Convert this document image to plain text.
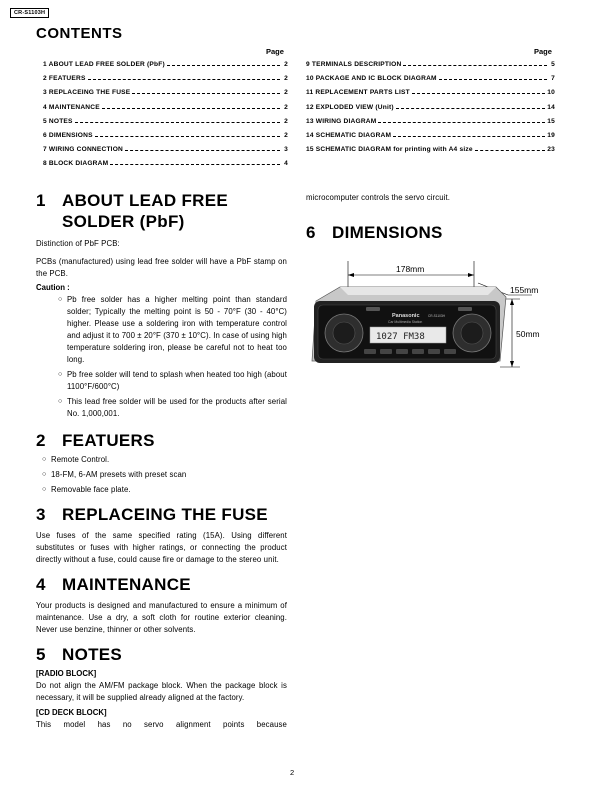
CR-S1103H
CONTENTS
Page	Page
1 ABOUT LEAD FREE SOLDER (PbF)	2
2 FEATUERS	2
3 REPLACEING THE FUSE	2
4 MAINTENANCE	2
5 NOTES	2
6 DIMENSIONS	2
7 WIRING CONNECTION	3
8 BLOCK DIAGRAM	4
9 TERMINALS DESCRIPTION	5
10 PACKAGE AND IC BLOCK DIAGRAM	7
11 REPLACEMENT PARTS LIST	10
12 EXPLODED VIEW (Unit)	14
13 WIRING DIAGRAM	15
14 SCHEMATIC DIAGRAM	19
15 SCHEMATIC DIAGRAM for printing with A4 size	23
1 ABOUT LEAD FREE SOLDER (PbF)

Distinction of PbF PCB:

PCBs (manufactured) using lead free solder will have a PbF stamp on the PCB.

Caution :
○ Pb free solder has a higher melting point than standard solder; Typically the melting point is 50 - 70°F (30 - 40°C) higher. Please use a soldering iron with temperature control and adjust it to 700 ± 20°F (370 ± 10°C). In case of using high temperature soldering iron, please be careful not to heat too long.
○ Pb free solder will tend to splash when heated too high (about 1100°F/600°C)
○ This lead free solder will be used for the products after serial No. 1,000,001.
2 FEATUERS
○ Remote Control.
○ 18-FM, 6-AM presets with preset scan
○ Removable face plate.
3 REPLACEING THE FUSE

Use fuses of the same specified rating (15A). Using different substitutes or fuses with higher ratings, or connecting the product directly without a fuse, could cause fire or damage to the stereo unit.

4 MAINTENANCE

Your products is designed and manufactured to ensure a minimum of maintenance. Use a dry, a soft cloth for routine exterior cleaning. Never use benzine, thinner or other solvents.

5 NOTES
[RADIO BLOCK]

Do not align the AM/FM package block. When the package block is necessary, it will be supplied already aligned at the factory.

[CD DECK BLOCK]

This model has no servo alignment points because

microcomputer controls the servo circuit.

6 DIMENSIONS
178mm
155mm
50mm
Panasonic	CR-S1103H
Car Multimedia Station
1027 FM38
2
